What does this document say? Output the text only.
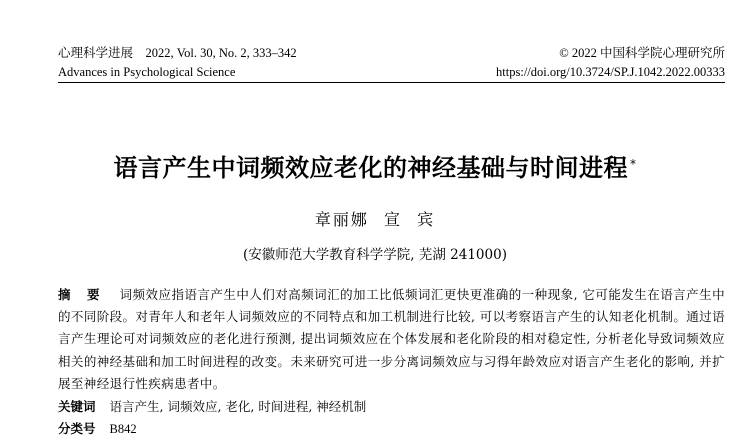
心理科学进展 2022, Vol. 30, No. 2, 333–342	© 2022 中国科学院心理研究所
Advances in Psychological Science	https://doi.org/10.3724/SP.J.1042.2022.00333
语言产生中词频效应老化的神经基础与时间进程 *
章丽娜 宣 宾
(安徽师范大学教育科学学院, 芜湖 241000)
摘 要 词频效应指语言产生中人们对高频词汇的加工比低频词汇更快更准确的一种现象, 它可能发生在语言产生中的不同阶段。对青年人和老年人词频效应的不同特点和加工机制进行比较, 可以考察语言产生的认知老化机制。通过语言产生理论可对词频效应的老化进行预测, 提出词频效应在个体发展和老化阶段的相对稳定性, 分析老化导致词频效应相关的神经基础和加工时间进程的改变。未来研究可进一步分离词频效应与习得年龄效应对语言产生老化的影响, 并扩展至神经退行性疾病患者中。
关键词 语言产生, 词频效应, 老化, 时间进程, 神经机制
分类号 B842
